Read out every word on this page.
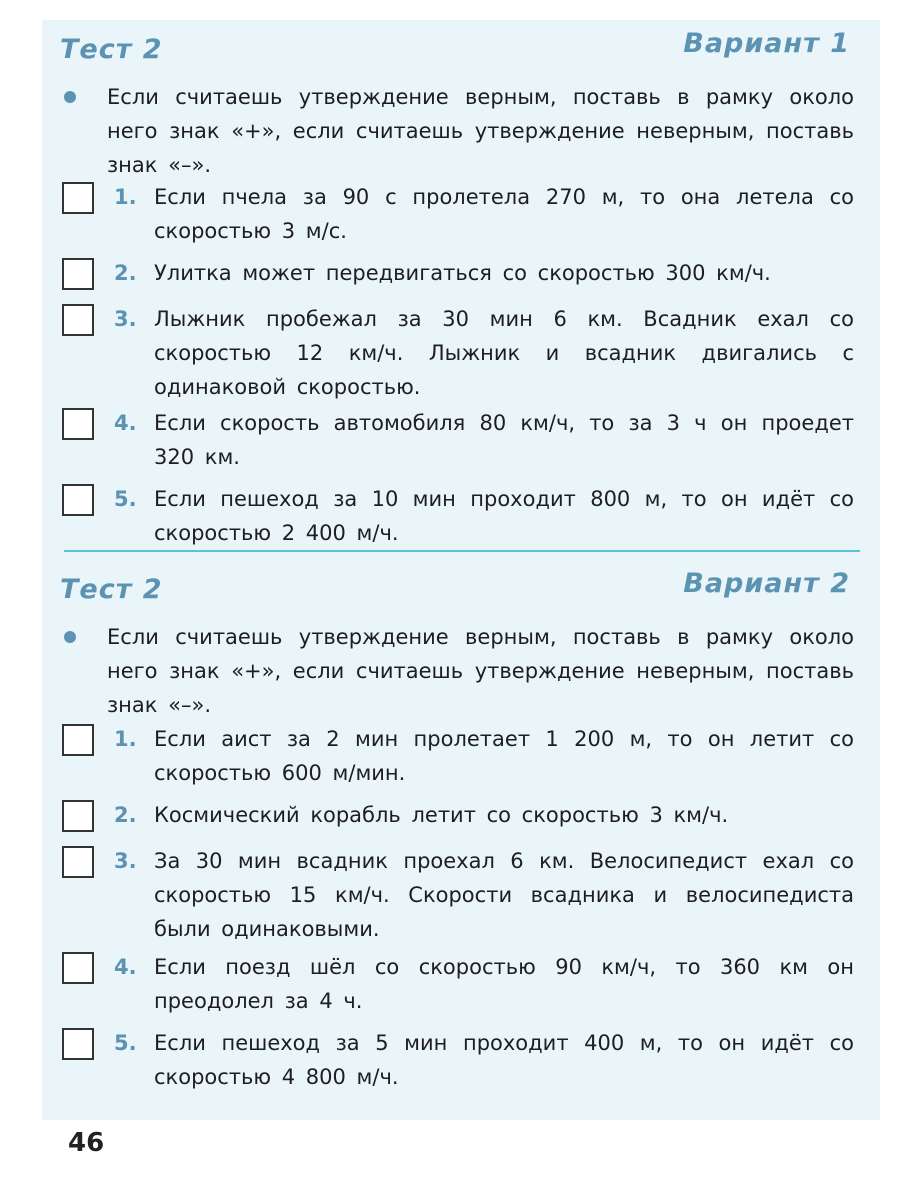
Тест 2	Вариант 1
Если считаешь утверждение верным, поставь в рамку около него знак «+», если считаешь утверждение неверным, поставь знак «–».
1. Если пчела за 90 с пролетела 270 м, то она летела со скоростью 3 м/с.
2. Улитка может передвигаться со скоростью 300 км/ч.
3. Лыжник пробежал за 30 мин 6 км. Всадник ехал со скоростью 12 км/ч. Лыжник и всадник двигались с одинаковой скоростью.
4. Если скорость автомобиля 80 км/ч, то за 3 ч он проедет 320 км.
5. Если пешеход за 10 мин проходит 800 м, то он идёт со скоростью 2 400 м/ч.
Тест 2	Вариант 2
Если считаешь утверждение верным, поставь в рамку около него знак «+», если считаешь утверждение неверным, поставь знак «–».
1. Если аист за 2 мин пролетает 1 200 м, то он летит со скоростью 600 м/мин.
2. Космический корабль летит со скоростью 3 км/ч.
3. За 30 мин всадник проехал 6 км. Велосипедист ехал со скоростью 15 км/ч. Скорости всадника и велосипедиста были одинаковыми.
4. Если поезд шёл со скоростью 90 км/ч, то 360 км он преодолел за 4 ч.
5. Если пешеход за 5 мин проходит 400 м, то он идёт со скоростью 4 800 м/ч.
46
